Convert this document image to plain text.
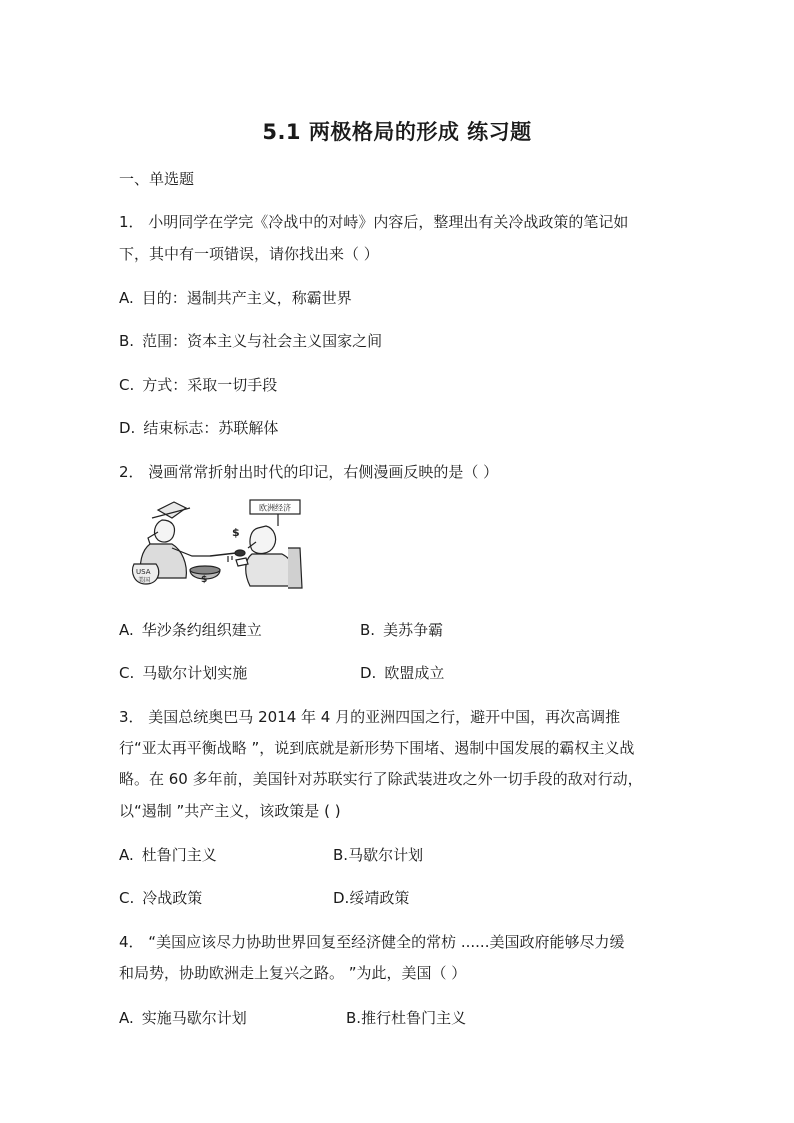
5.1 两极格局的形成 练习题
一、单选题
1． 小明同学在学完《冷战中的对峙》内容后，整理出有关冷战政策的笔记如
下，其中有一项错误，请你找出来（ ）
A. 目的：遏制共产主义，称霸世界
B. 范围：资本主义与社会主义国家之间
C. 方式：采取一切手段
D. 结束标志：苏联解体
2． 漫画常常折射出时代的印记，右侧漫画反映的是（ ）
欧洲经济
USA
美国
$
$
A. 华沙条约组织建立	B. 美苏争霸
C. 马歇尔计划实施	D. 欧盟成立
3． 美国总统奥巴马 2014 年 4 月的亚洲四国之行，避开中国，再次高调推
行“亚太再平衡战略 ”，说到底就是新形势下围堵、遏制中国发展的霸权主义战
略。在 60 多年前，美国针对苏联实行了除武装进攻之外一切手段的敌对行动，
以“遏制 ”共产主义，该政策是 ( )
A. 杜鲁门主义	B.马歇尔计划
C. 冷战政策	D.绥靖政策
4． “美国应该尽力协助世界回复至经济健全的常枋 ......美国政府能够尽力缓
和局势，协助欧洲走上复兴之路。 ”为此，美国（ ）
A. 实施马歇尔计划	B.推行杜鲁门主义
